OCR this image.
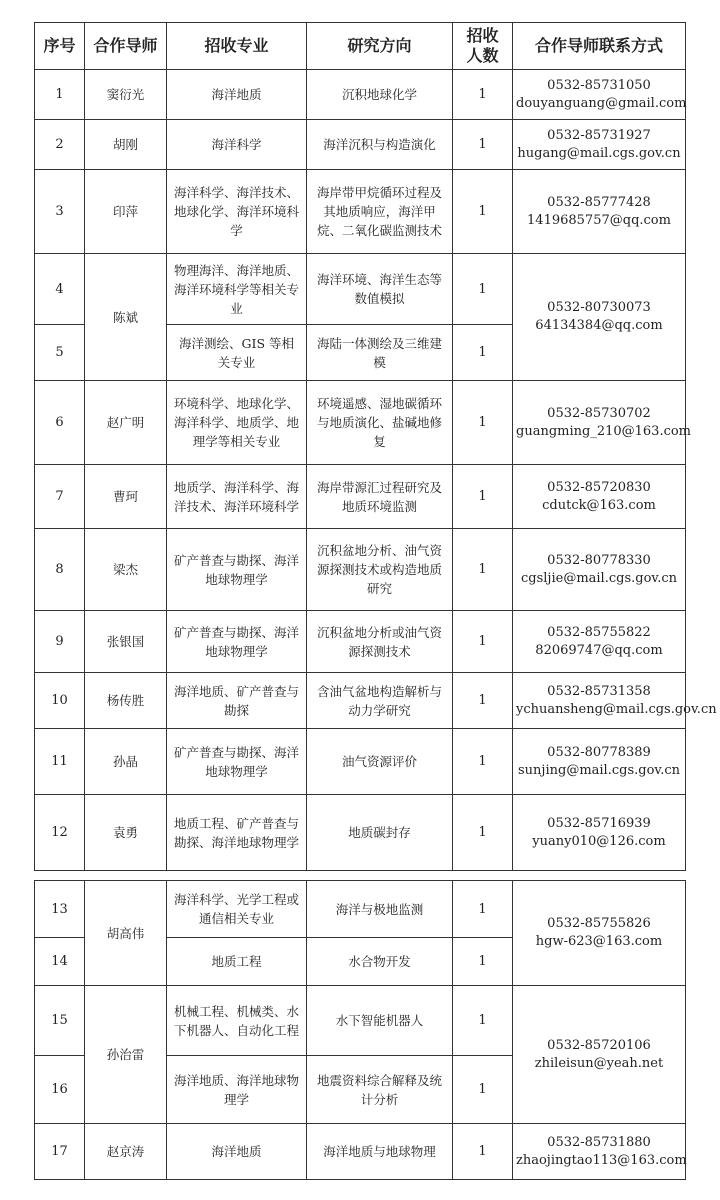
序号	合作导师	招收专业	研究方向	招收
人数	合作导师联系方式
1	窦衍光	海洋地质	沉积地球化学	1	0532-85731050
douyanguang@gmail.com

2	胡刚	海洋科学	海洋沉积与构造演化	1	0532-85731927
hugang@mail.cgs.gov.cn

3	印萍	海洋科学、海洋技术、地球化学、海洋环境科学	海岸带甲烷循环过程及其地质响应，海洋甲烷、二氧化碳监测技术	1	0532-85777428
1419685757@qq.com

4	陈斌	物理海洋、海洋地质、海洋环境科学等相关专业	海洋环境、海洋生态等数值模拟	1	0532-80730073
64134384@qq.com

5		海洋测绘、GIS 等相关专业	海陆一体测绘及三维建模	1	
6	赵广明	环境科学、地球化学、海洋科学、地质学、地理学等相关专业	环境遥感、湿地碳循环与地质演化、盐碱地修复	1	0532-85730702
guangming_210@163.com

7	曹珂	地质学、海洋科学、海洋技术、海洋环境科学	海岸带源汇过程研究及地质环境监测	1	0532-85720830
cdutck@163.com

8	梁杰	矿产普查与勘探、海洋地球物理学	沉积盆地分析、油气资源探测技术或构造地质研究	1	0532-80778330
cgsljie@mail.cgs.gov.cn

9	张银国	矿产普查与勘探、海洋地球物理学	沉积盆地分析或油气资源探测技术	1	0532-85755822
82069747@qq.com

10	杨传胜	海洋地质、矿产普查与勘探	含油气盆地构造解析与动力学研究	1	0532-85731358
ychuansheng@mail.cgs.gov.cn

11	孙晶	矿产普查与勘探、海洋地球物理学	油气资源评价	1	0532-80778389
sunjing@mail.cgs.gov.cn

12	袁勇	地质工程、矿产普查与勘探、海洋地球物理学	地质碳封存	1	0532-85716939
yuany010@126.com
13	胡高伟	海洋科学、光学工程或通信相关专业	海洋与极地监测	1	0532-85755826
hgw-623@163.com

14		地质工程	水合物开发	1	
15	孙治雷	机械工程、机械类、水下机器人、自动化工程	水下智能机器人	1	0532-85720106
zhileisun@yeah.net

16		海洋地质、海洋地球物理学	地震资料综合解释及统计分析	1	
17	赵京涛	海洋地质	海洋地质与地球物理	1	0532-85731880
zhaojingtao113@163.com
